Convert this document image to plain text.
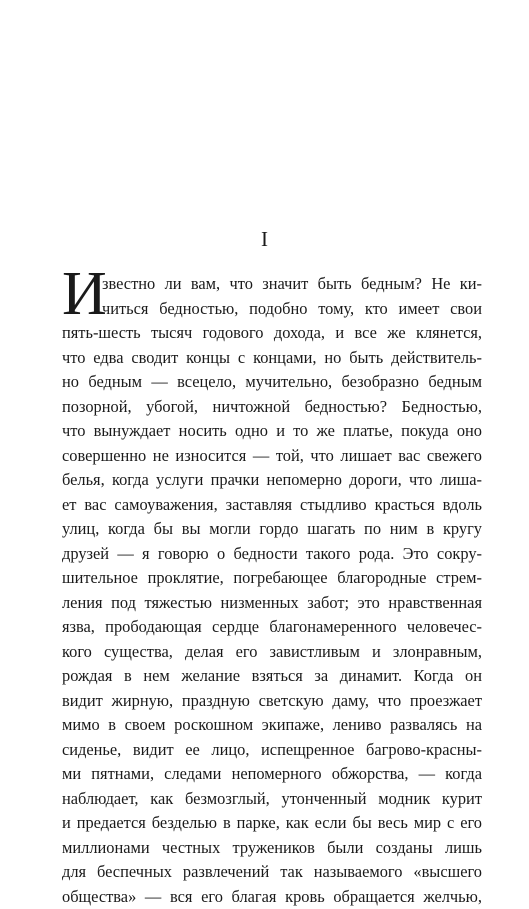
I
И
звестно ли вам, что значит быть бедным? Не ки-
читься бедностью, подобно тому, кто имеет свои
пять-шесть тысяч годового дохода, и все же клянется,
что едва сводит концы с концами, но быть действитель-
но бедным — всецело, мучительно, безобразно бедным
позорной, убогой, ничтожной бедностью? Бедностью,
что вынуждает носить одно и то же платье, покуда оно
совершенно не износится — той, что лишает вас свежего
белья, когда услуги прачки непомерно дороги, что лиша-
ет вас самоуважения, заставляя стыдливо красться вдоль
улиц, когда бы вы могли гордо шагать по ним в кругу
друзей — я говорю о бедности такого рода. Это сокру-
шительное проклятие, погребающее благородные стрем-
ления под тяжестью низменных забот; это нравственная
язва, прободающая сердце благонамеренного человечес-
кого существа, делая его завистливым и злонравным,
рождая в нем желание взяться за динамит. Когда он
видит жирную, праздную светскую даму, что проезжает
мимо в своем роскошном экипаже, лениво развалясь на
сиденье, видит ее лицо, испещренное багрово-красны-
ми пятнами, следами непомерного обжорства, — когда
наблюдает, как безмозглый, утонченный модник курит
и предается безделью в парке, как если бы весь мир с его
миллионами честных тружеников были созданы лишь
для беспечных развлечений так называемого «высшего
общества» — вся его благая кровь обращается желчью,
